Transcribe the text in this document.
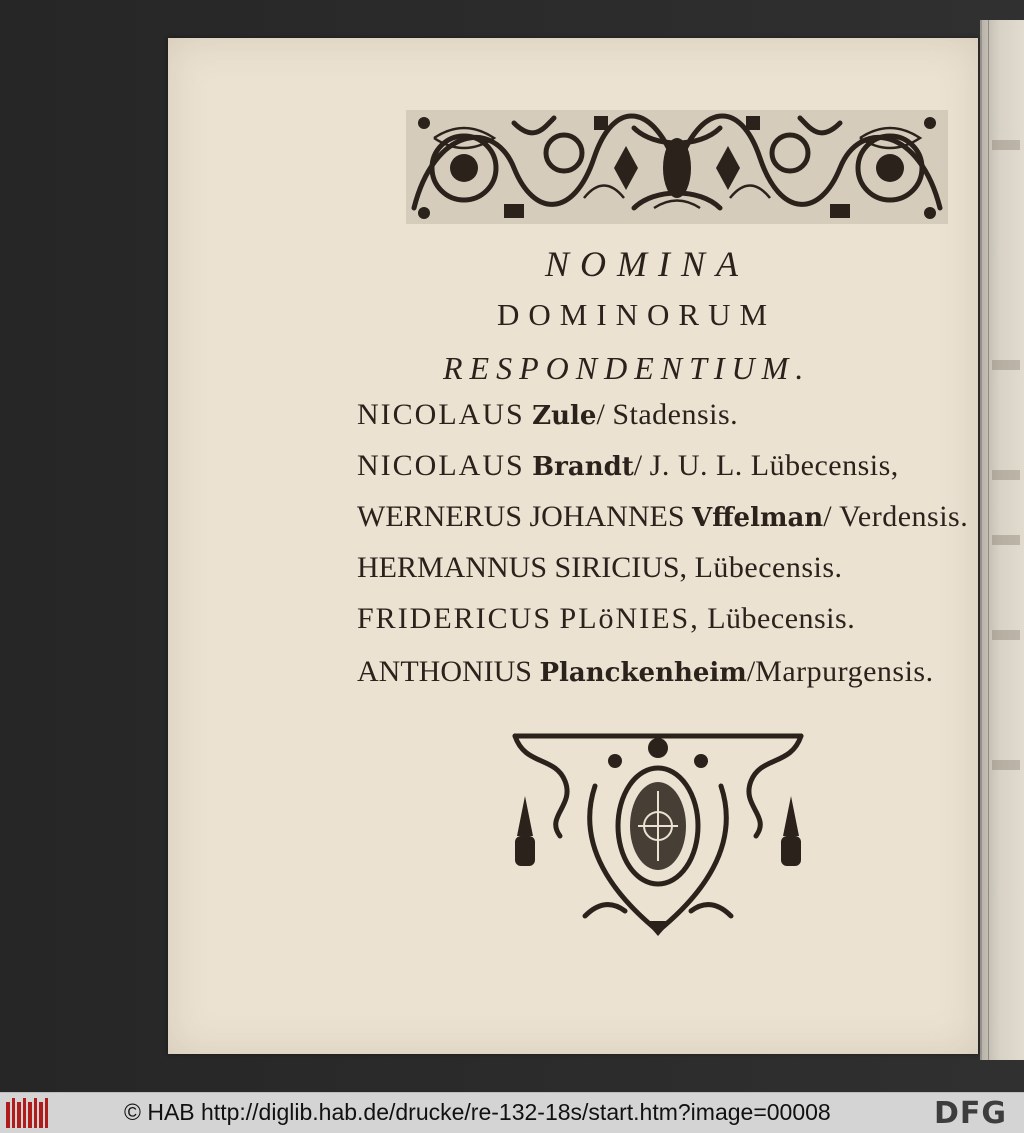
NOMINA
DOMINORUM
RESPONDENTIUM.
NICOLAUS Zule/ Stadensis.
NICOLAUS Brandt/ J. U. L. Lübecensis,
WERNERUS JOHANNES Vffelman/ Verdensis.
HERMANNUS SIRICIUS, Lübecensis.
FRIDERICUS PLöNIES, Lübecensis.
ANTHONIUS Planckenheim/Marpurgensis.
© HAB http://diglib.hab.de/drucke/re-132-18s/start.htm?image=00008	DFG
